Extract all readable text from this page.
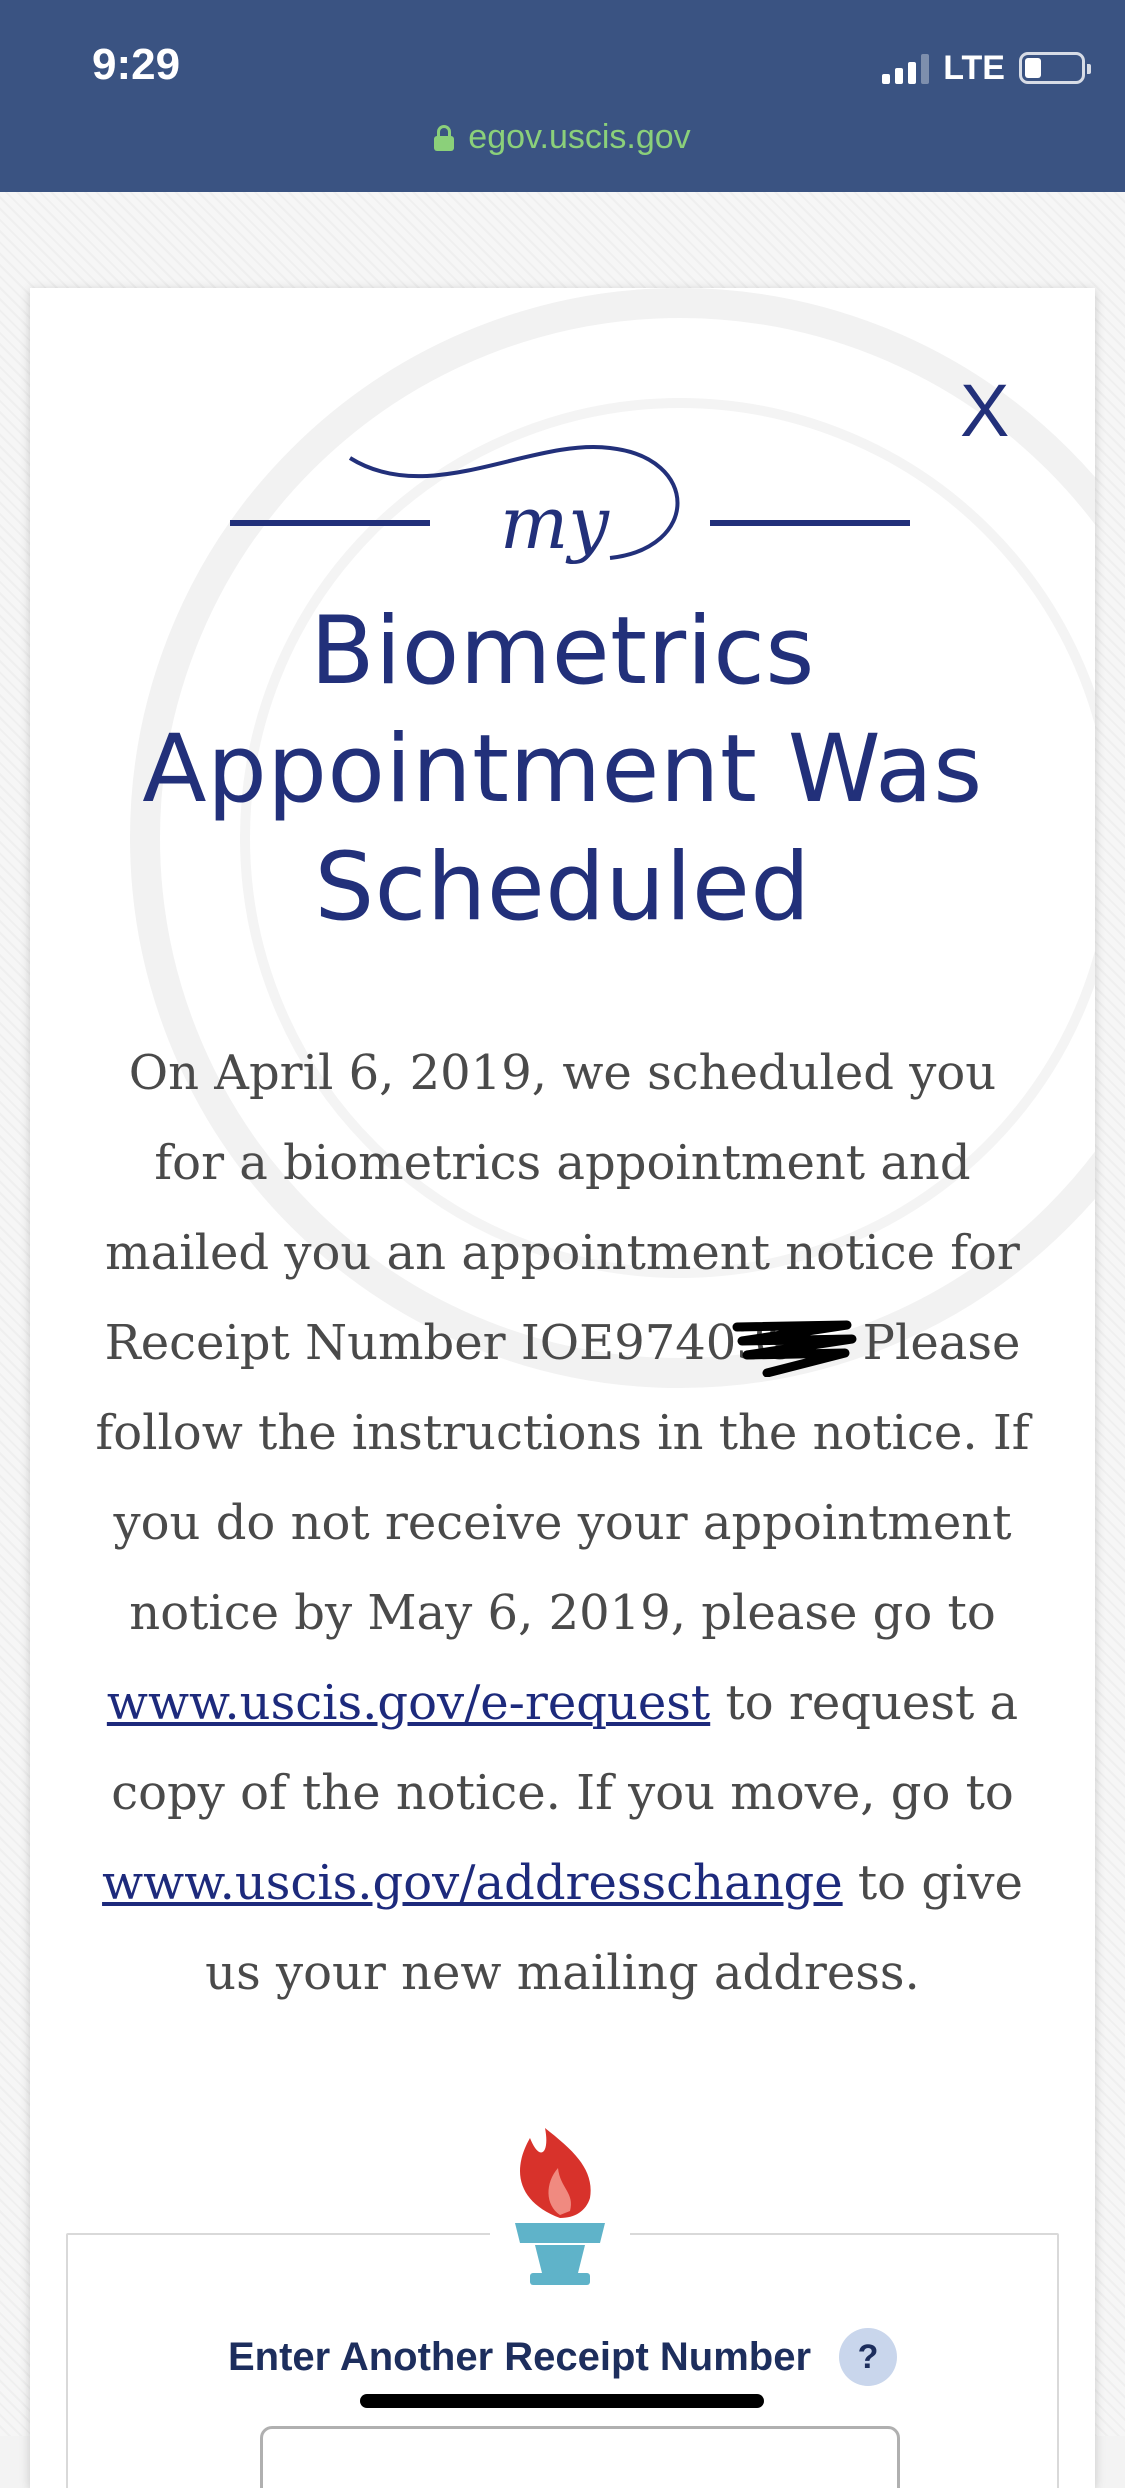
9:29	LTE
egov.uscis.gov
X
my
Biometrics
Appointment Was
Scheduled
On April 6, 2019, we scheduled you for a biometrics appointment and mailed you an appointment notice for Receipt Number IOE974039 Please follow the instructions in the notice. If you do not receive your appointment notice by May 6, 2019, please go to www.uscis.gov/e-request to request a copy of the notice. If you move, go to www.uscis.gov/addresschange to give us your new mailing address.
Enter Another Receipt Number	?
